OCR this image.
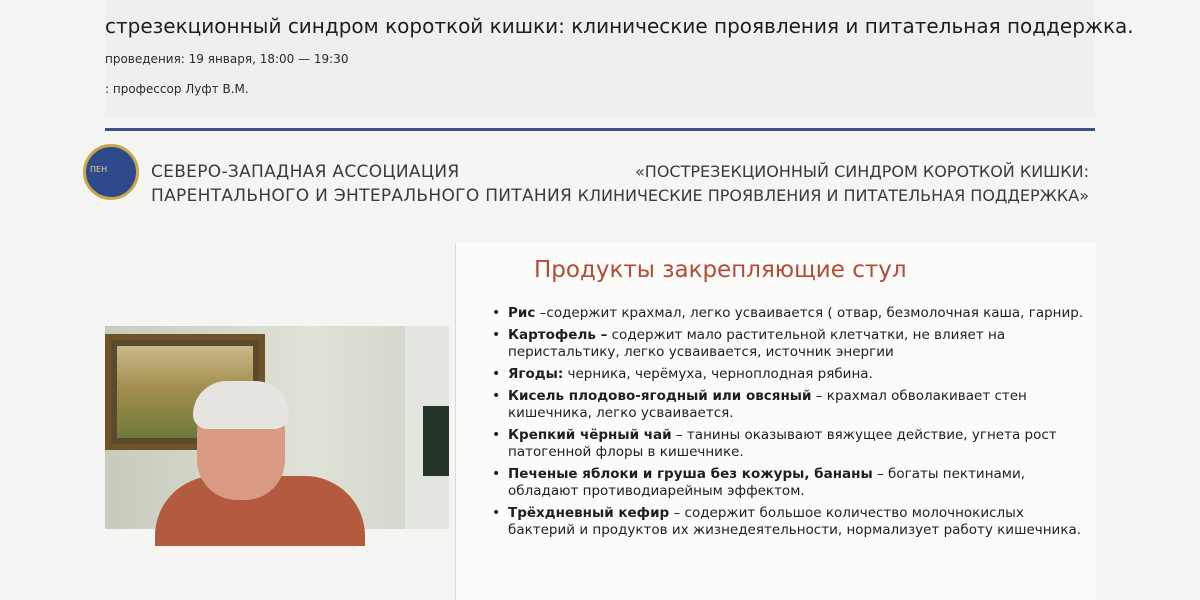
стрезекционный синдром короткой кишки: клинические проявления и питательная поддержка.
проведения: 19 января, 18:00 — 19:30
: профессор Луфт В.М.
ПЕН	СЕВЕРО-ЗАПАДНАЯ АССОЦИАЦИЯ
ПАРЕНТАЛЬНОГО И ЭНТЕРАЛЬНОГО ПИТАНИЯ
«ПОСТРЕЗЕКЦИОННЫЙ СИНДРОМ КОРОТКОЙ КИШКИ:
КЛИНИЧЕСКИЕ ПРОЯВЛЕНИЯ И ПИТАТЕЛЬНАЯ ПОДДЕРЖКА»
Продукты закрепляющие стул
• Рис –содержит крахмал, легко усваивается ( отвар, безмолочная каша, гарнир.
• Картофель – содержит мало растительной клетчатки, не влияет на перистальтику, легко усваивается, источник энергии
• Ягоды: черника, черёмуха, черноплодная рябина.
• Кисель плодово-ягодный или овсяный – крахмал обволакивает стен кишечника, легко усваивается.
• Крепкий чёрный чай – танины оказывают вяжущее действие, угнета рост патогенной флоры в кишечнике.
• Печеные яблоки и груша без кожуры, бананы – богаты пектинами, обладают противодиарейным эффектом.
• Трёхдневный кефир – содержит большое количество молочнокислых бактерий и продуктов их жизнедеятельности, нормализует работу кишечника.
